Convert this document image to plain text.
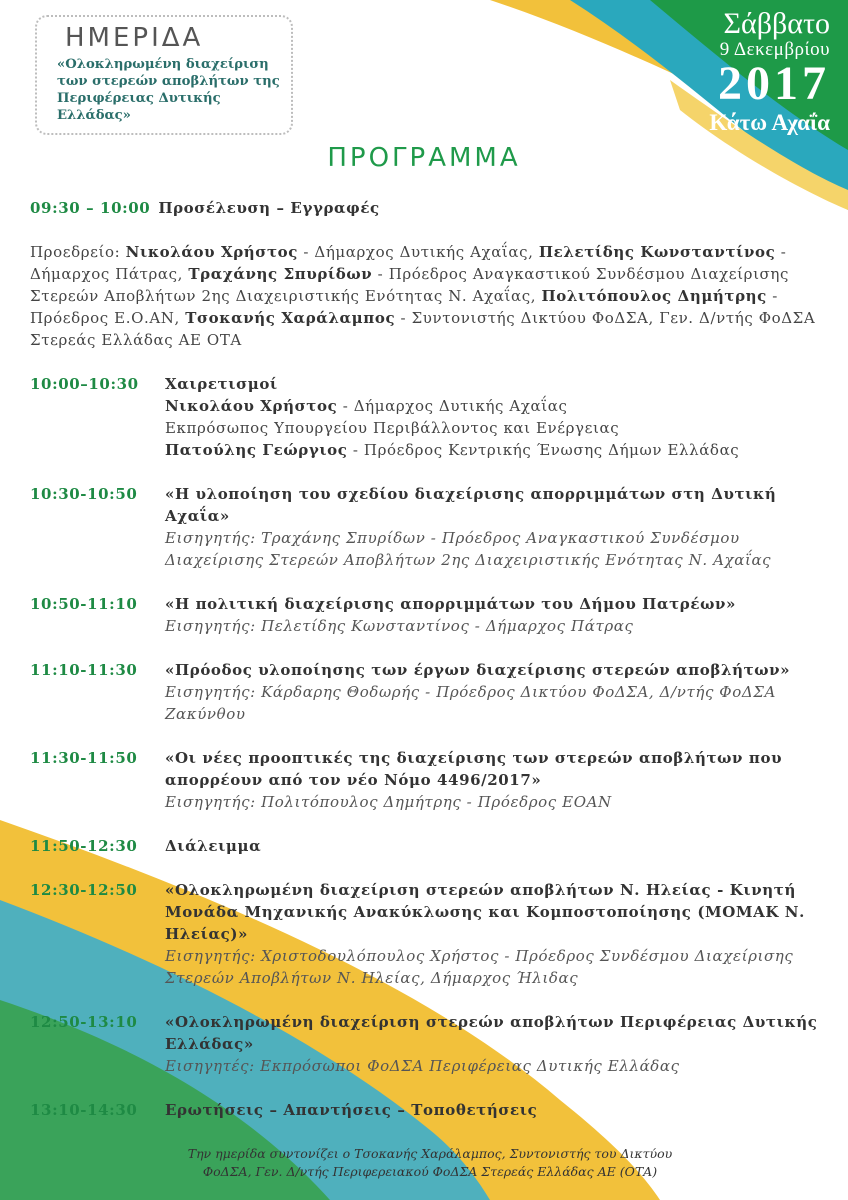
ΗΜΕΡΙΔΑ
«Ολοκληρωμένη διαχείριση των στερεών αποβλήτων της Περιφέρειας Δυτικής Ελλάδας»
Σάββατο
9 Δεκεμβρίου
2017
Κάτω Αχαΐα
ΠΡΟΓΡΑΜΜΑ
09:30 – 10:00 Προσέλευση – Εγγραφές
Προεδρείο: Νικολάου Χρήστος - Δήμαρχος Δυτικής Αχαΐας, Πελετίδης Κωνσταντίνος - Δήμαρχος Πάτρας, Τραχάνης Σπυρίδων - Πρόεδρος Αναγκαστικού Συνδέσμου Διαχείρισης Στερεών Αποβλήτων 2ης Διαχειριστικής Ενότητας Ν. Αχαΐας, Πολιτόπουλος Δημήτρης - Πρόεδρος Ε.Ο.ΑΝ, Τσοκανής Χαράλαμπος - Συντονιστής Δικτύου ΦοΔΣΑ, Γεν. Δ/ντής ΦοΔΣΑ Στερεάς Ελλάδας ΑΕ ΟΤΑ
10:00–10:30	Χαιρετισμοί
Νικολάου Χρήστος - Δήμαρχος Δυτικής Αχαΐας
Εκπρόσωπος Υπουργείου Περιβάλλοντος και Ενέργειας
Πατούλης Γεώργιος - Πρόεδρος Κεντρικής Ένωσης Δήμων Ελλάδας
10:30-10:50	«Η υλοποίηση του σχεδίου διαχείρισης απορριμμάτων στη Δυτική Αχαΐα»
Εισηγητής: Τραχάνης Σπυρίδων - Πρόεδρος Αναγκαστικού Συνδέσμου Διαχείρισης Στερεών Αποβλήτων 2ης Διαχειριστικής Ενότητας Ν. Αχαΐας
10:50-11:10	«Η πολιτική διαχείρισης απορριμμάτων του Δήμου Πατρέων»
Εισηγητής: Πελετίδης Κωνσταντίνος - Δήμαρχος Πάτρας
11:10-11:30	«Πρόοδος υλοποίησης των έργων διαχείρισης στερεών αποβλήτων»
Εισηγητής: Κάρδαρης Θοδωρής - Πρόεδρος Δικτύου ΦοΔΣΑ, Δ/ντής ΦοΔΣΑ Ζακύνθου
11:30-11:50	«Οι νέες προοπτικές της διαχείρισης των στερεών αποβλήτων που απορρέουν από τον νέο Νόμο 4496/2017»
Εισηγητής: Πολιτόπουλος Δημήτρης - Πρόεδρος ΕΟΑΝ
11:50-12:30	Διάλειμμα
12:30-12:50	«Ολοκληρωμένη διαχείριση στερεών αποβλήτων Ν. Ηλείας - Κινητή Μονάδα Μηχανικής Ανακύκλωσης και Κομποστοποίησης (ΜΟΜΑΚ Ν. Ηλείας)»
Εισηγητής: Χριστοδουλόπουλος Χρήστος - Πρόεδρος Συνδέσμου Διαχείρισης Στερεών Αποβλήτων Ν. Ηλείας, Δήμαρχος Ήλιδας
12:50-13:10	«Ολοκληρωμένη διαχείριση στερεών αποβλήτων Περιφέρειας Δυτικής Ελλάδας»
Εισηγητές: Εκπρόσωποι ΦοΔΣΑ Περιφέρειας Δυτικής Ελλάδας
13:10-14:30	Ερωτήσεις – Απαντήσεις – Τοποθετήσεις
Την ημερίδα συντονίζει ο Τσοκανής Χαράλαμπος, Συντονιστής του Δικτύου
ΦοΔΣΑ, Γεν. Δ/ντής Περιφερειακού ΦοΔΣΑ Στερεάς Ελλάδας ΑΕ (ΟΤΑ)
